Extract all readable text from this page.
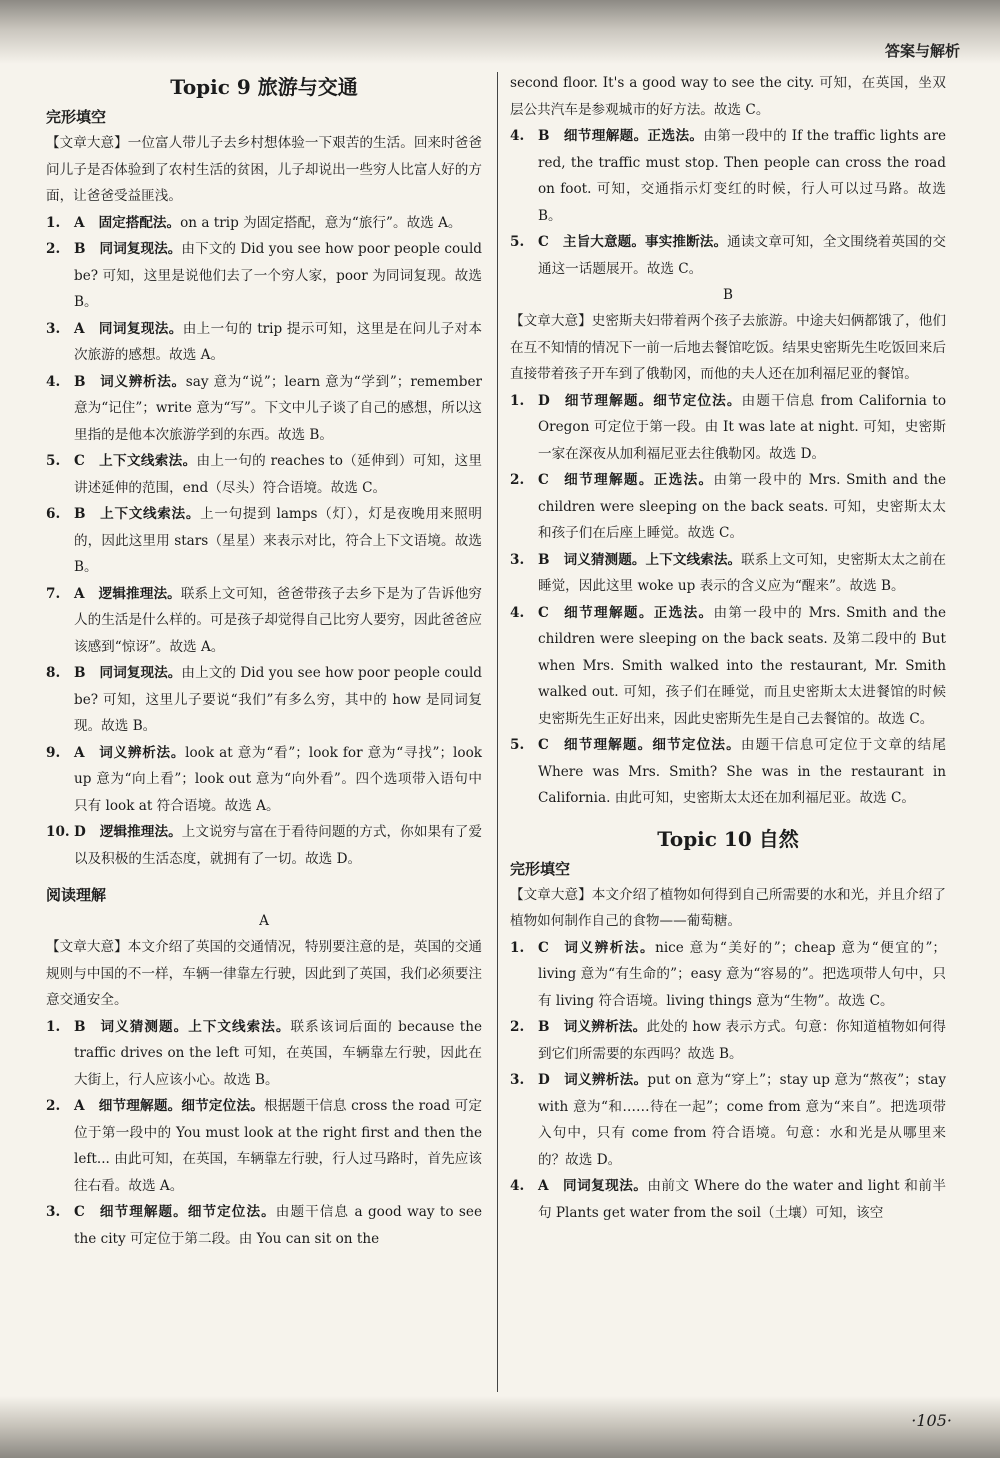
答案与解析
Topic 9 旅游与交通
完形填空
【文章大意】一位富人带儿子去乡村想体验一下艰苦的生活。回来时爸爸问儿子是否体验到了农村生活的贫困，儿子却说出一些穷人比富人好的方面，让爸爸受益匪浅。
1.	A 固定搭配法。on a trip 为固定搭配，意为“旅行”。故选 A。
2.	B 同词复现法。由下文的 Did you see how poor people could be? 可知，这里是说他们去了一个穷人家，poor 为同词复现。故选 B。
3.	A 同词复现法。由上一句的 trip 提示可知，这里是在问儿子对本次旅游的感想。故选 A。
4.	B 词义辨析法。say 意为“说”；learn 意为“学到”；remember 意为“记住”；write 意为“写”。下文中儿子谈了自己的感想，所以这里指的是他本次旅游学到的东西。故选 B。
5.	C 上下文线索法。由上一句的 reaches to（延伸到）可知，这里讲述延伸的范围，end（尽头）符合语境。故选 C。
6.	B 上下文线索法。上一句提到 lamps（灯），灯是夜晚用来照明的，因此这里用 stars（星星）来表示对比，符合上下文语境。故选 B。
7.	A 逻辑推理法。联系上文可知，爸爸带孩子去乡下是为了告诉他穷人的生活是什么样的。可是孩子却觉得自己比穷人要穷，因此爸爸应该感到“惊讶”。故选 A。
8.	B 同词复现法。由上文的 Did you see how poor people could be? 可知，这里儿子要说“我们”有多么穷，其中的 how 是同词复现。故选 B。
9.	A 词义辨析法。look at 意为“看”；look for 意为“寻找”；look up 意为“向上看”；look out 意为“向外看”。四个选项带入语句中只有 look at 符合语境。故选 A。
10. D 逻辑推理法。上文说穷与富在于看待问题的方式，你如果有了爱以及积极的生活态度，就拥有了一切。故选 D。
阅读理解
A
【文章大意】本文介绍了英国的交通情况，特别要注意的是，英国的交通规则与中国的不一样，车辆一律靠左行驶，因此到了英国，我们必须要注意交通安全。
1.	B 词义猜测题。上下文线索法。联系该词后面的 because the traffic drives on the left 可知，在英国，车辆靠左行驶，因此在大街上，行人应该小心。故选 B。
2.	A 细节理解题。细节定位法。根据题干信息 cross the road 可定位于第一段中的 You must look at the right first and then the left... 由此可知，在英国，车辆靠左行驶，行人过马路时，首先应该往右看。故选 A。
3.	C 细节理解题。细节定位法。由题干信息 a good way to see the city 可定位于第二段。由 You can sit on the
second floor. It's a good way to see the city. 可知，在英国，坐双层公共汽车是参观城市的好方法。故选 C。
4.	B 细节理解题。正选法。由第一段中的 If the traffic lights are red, the traffic must stop. Then people can cross the road on foot. 可知，交通指示灯变红的时候，行人可以过马路。故选 B。
5.	C 主旨大意题。事实推断法。通读文章可知，全文围绕着英国的交通这一话题展开。故选 C。
B
【文章大意】史密斯夫妇带着两个孩子去旅游。中途夫妇俩都饿了，他们在互不知情的情况下一前一后地去餐馆吃饭。结果史密斯先生吃饭回来后直接带着孩子开车到了俄勒冈，而他的夫人还在加利福尼亚的餐馆。
1.	D 细节理解题。细节定位法。由题干信息 from California to Oregon 可定位于第一段。由 It was late at night. 可知，史密斯一家在深夜从加利福尼亚去往俄勒冈。故选 D。
2.	C 细节理解题。正选法。由第一段中的 Mrs. Smith and the children were sleeping on the back seats. 可知，史密斯太太和孩子们在后座上睡觉。故选 C。
3.	B 词义猜测题。上下文线索法。联系上文可知，史密斯太太之前在睡觉，因此这里 woke up 表示的含义应为“醒来”。故选 B。
4.	C 细节理解题。正选法。由第一段中的 Mrs. Smith and the children were sleeping on the back seats. 及第二段中的 But when Mrs. Smith walked into the restaurant, Mr. Smith walked out. 可知，孩子们在睡觉，而且史密斯太太进餐馆的时候史密斯先生正好出来，因此史密斯先生是自己去餐馆的。故选 C。
5.	C 细节理解题。细节定位法。由题干信息可定位于文章的结尾 Where was Mrs. Smith? She was in the restaurant in California. 由此可知，史密斯太太还在加利福尼亚。故选 C。
Topic 10 自然
完形填空
【文章大意】本文介绍了植物如何得到自己所需要的水和光，并且介绍了植物如何制作自己的食物——葡萄糖。
1.	C 词义辨析法。nice 意为“美好的”；cheap 意为“便宜的”；living 意为“有生命的”；easy 意为“容易的”。把选项带人句中，只有 living 符合语境。living things 意为“生物”。故选 C。
2.	B 词义辨析法。此处的 how 表示方式。句意：你知道植物如何得到它们所需要的东西吗？故选 B。
3.	D 词义辨析法。put on 意为“穿上”；stay up 意为“熬夜”；stay with 意为“和……待在一起”；come from 意为“来自”。把选项带入句中，只有 come from 符合语境。句意：水和光是从哪里来的？故选 D。
4.	A 同词复现法。由前文 Where do the water and light 和前半句 Plants get water from the soil（土壤）可知，该空
·105·
